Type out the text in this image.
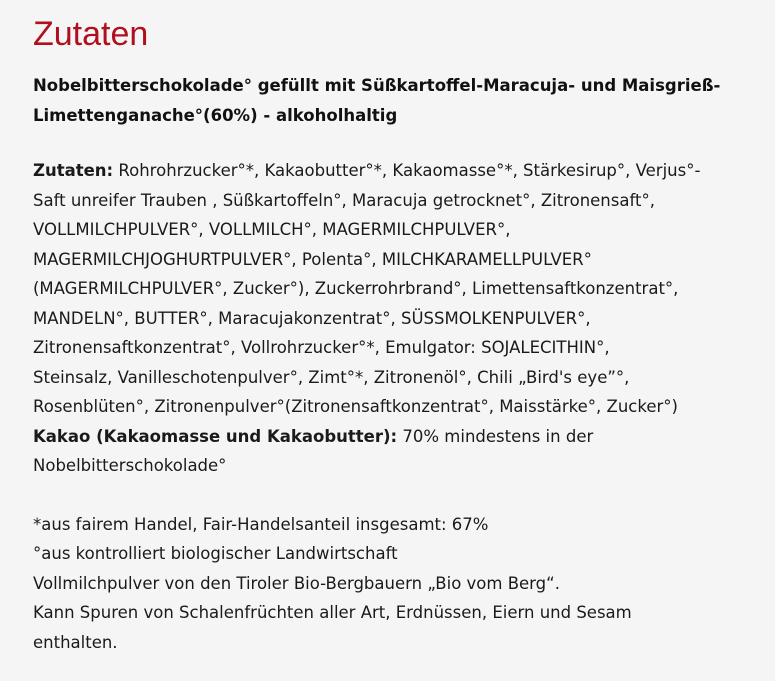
Zutaten

Nobelbitterschokolade° gefüllt mit Süßkartoffel-Maracuja- und Maisgrieß-
Limettenganache°(60%) - alkoholhaltig

Zutaten: Rohrohrzucker°*, Kakaobutter°*, Kakaomasse°*, Stärkesirup°, Verjus°-
Saft unreifer Trauben , Süßkartoffeln°, Maracuja getrocknet°, Zitronensaft°,
VOLLMILCHPULVER°, VOLLMILCH°, MAGERMILCHPULVER°,
MAGERMILCHJOGHURTPULVER°, Polenta°, MILCHKARAMELLPULVER°
(MAGERMILCHPULVER°, Zucker°), Zuckerrohrbrand°, Limettensaftkonzentrat°,
MANDELN°, BUTTER°, Maracujakonzentrat°, SÜSSMOLKENPULVER°,
Zitronensaftkonzentrat°, Vollrohrzucker°*, Emulgator: SOJALECITHIN°,
Steinsalz, Vanilleschotenpulver°, Zimt°*, Zitronenöl°, Chili „Bird's eye”°,
Rosenblüten°, Zitronenpulver°(Zitronensaftkonzentrat°, Maisstärke°, Zucker°)

Kakao (Kakaomasse und Kakaobutter): 70% mindestens in der
Nobelbitterschokolade°

*aus fairem Handel, Fair-Handelsanteil insgesamt: 67%
°aus kontrolliert biologischer Landwirtschaft
Vollmilchpulver von den Tiroler Bio-Bergbauern „Bio vom Berg“.
Kann Spuren von Schalenfrüchten aller Art, Erdnüssen, Eiern und Sesam
enthalten.
